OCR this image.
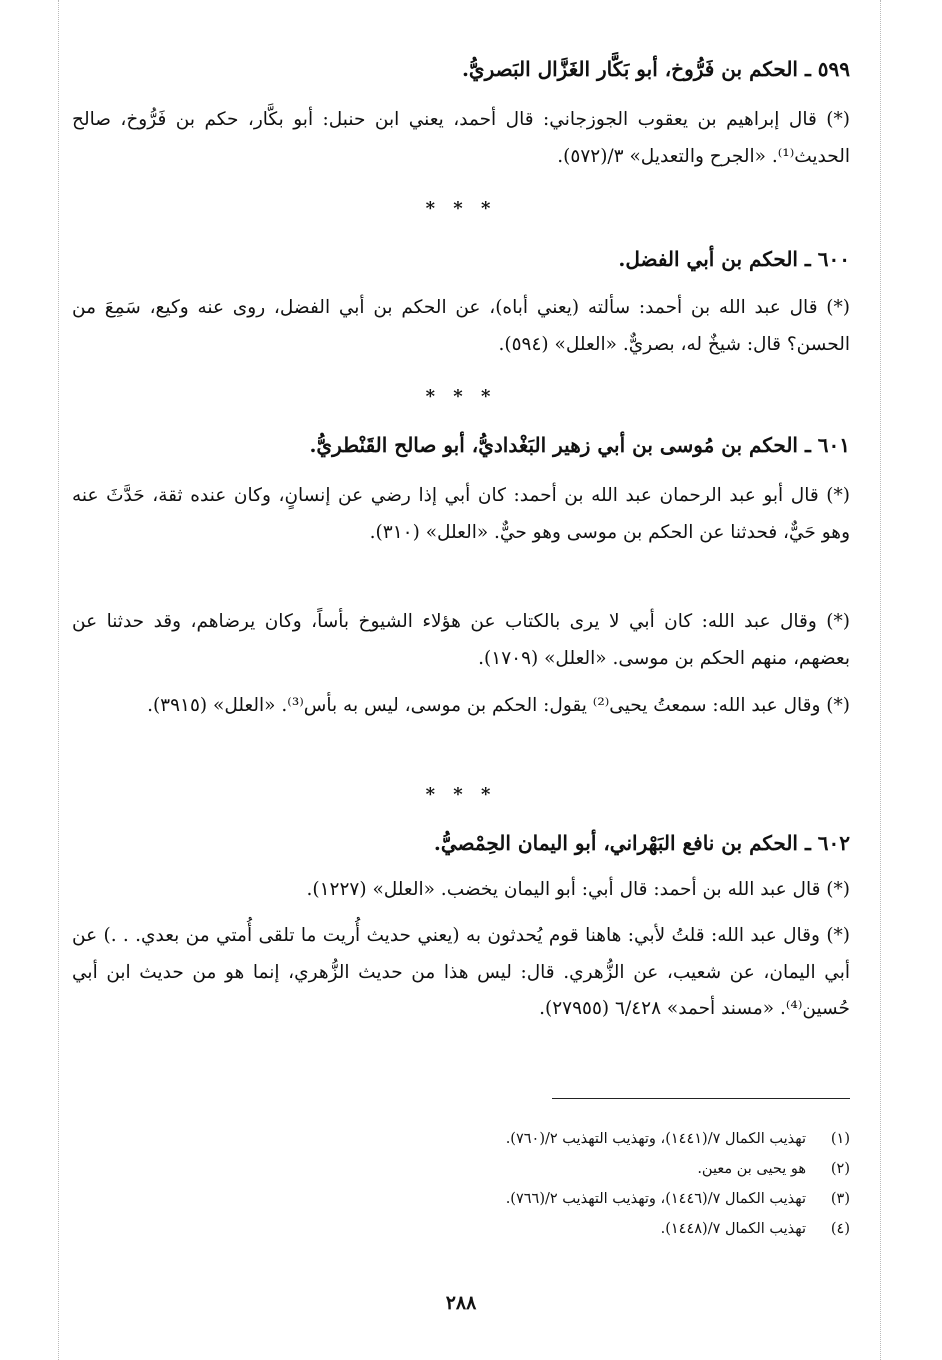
٥٩٩ ـ الحكم بن فَرُّوخ، أبو بَكَّار الغَزَّال البَصريُّ.

(*) قال إبراهيم بن يعقوب الجوزجاني: قال أحمد، يعني ابن حنبل: أبو بكَّار، حكم بن فَرُّوخ، صالح الحديث⁽¹⁾. «الجرح والتعديل» ٣/(٥٧٢).

* * *
٦٠٠ ـ الحكم بن أبي الفضل.

(*) قال عبد الله بن أحمد: سألته (يعني أباه)، عن الحكم بن أبي الفضل، روى عنه وكيع، سَمِعَ من الحسن؟ قال: شيخٌ له، بصريٌّ. «العلل» (٥٩٤).

* * *
٦٠١ ـ الحكم بن مُوسى بن أبي زهير البَغْداديُّ، أبو صالح القَنْطريُّ.

(*) قال أبو عبد الرحمان عبد الله بن أحمد: كان أبي إذا رضي عن إنسانٍ، وكان عنده ثقة، حَدَّثَ عنه وهو حَيٌّ، فحدثنا عن الحكم بن موسى وهو حيٌّ. «العلل» (٣١٠).

(*) وقال عبد الله: كان أبي لا يرى بالكتاب عن هؤلاء الشيوخ بأساً، وكان يرضاهم، وقد حدثنا عن بعضهم، منهم الحكم بن موسى. «العلل» (١٧٠٩).

(*) وقال عبد الله: سمعتُ يحيى⁽²⁾ يقول: الحكم بن موسى، ليس به بأس⁽³⁾. «العلل» (٣٩١٥).

* * *
٦٠٢ ـ الحكم بن نافع البَهْراني، أبو اليمان الحِمْصيُّ.

(*) قال عبد الله بن أحمد: قال أبي: أبو اليمان يخضب. «العلل» (١٢٢٧).

(*) وقال عبد الله: قلتُ لأبي: هاهنا قوم يُحدثون به (يعني حديث أُريت ما تلقى أُمتي من بعدي. . .) عن أبي اليمان، عن شعيب، عن الزُّهري. قال: ليس هذا من حديث الزُّهري، إنما هو من حديث ابن أبي حُسين⁽⁴⁾. «مسند أحمد» ٦/٤٢٨ (٢٧٩٥٥).

(١)تهذيب الكمال ٧/(١٤٤١)، وتهذيب التهذيب ٢/(٧٦٠).

(٢)هو يحيى بن معين.

(٣)تهذيب الكمال ٧/(١٤٤٦)، وتهذيب التهذيب ٢/(٧٦٦).

(٤)تهذيب الكمال ٧/(١٤٤٨).

٢٨٨
